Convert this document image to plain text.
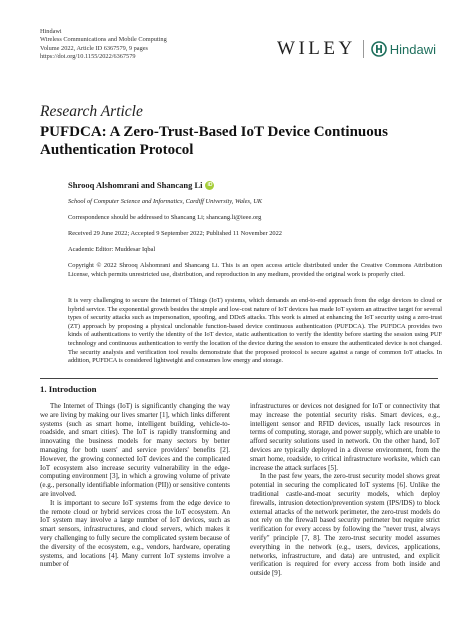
Hindawi
Wireless Communications and Mobile Computing
Volume 2022, Article ID 6367579, 9 pages
https://doi.org/10.1155/2022/6367579	WILEY	Hindawi
Research Article
PUFDCA: A Zero-Trust-Based IoT Device Continuous Authentication Protocol
Shrooq Alshomrani and Shancang Li	iD
School of Computer Science and Informatics, Cardiff University, Wales, UK
Correspondence should be addressed to Shancang Li; shancang.li@ieee.org
Received 29 June 2022; Accepted 9 September 2022; Published 11 November 2022
Academic Editor: Muddesar Iqbal
Copyright © 2022 Shrooq Alshomrani and Shancang Li. This is an open access article distributed under the Creative Commons Attribution License, which permits unrestricted use, distribution, and reproduction in any medium, provided the original work is properly cited.
It is very challenging to secure the Internet of Things (IoT) systems, which demands an end-to-end approach from the edge devices to cloud or hybrid service. The exponential growth besides the simple and low-cost nature of IoT devices has made IoT system an attractive target for several types of security attacks such as impersonation, spoofing, and DDoS attacks. This work is aimed at enhancing the IoT security using a zero-trust (ZT) approach by proposing a physical unclonable function-based device continuous authentication (PUFDCA). The PUFDCA provides two kinds of authentications to verify the identity of the IoT device, static authentication to verify the identity before starting the session using PUF technology and continuous authentication to verify the location of the device during the session to ensure the authenticated device is not changed. The security analysis and verification tool results demonstrate that the proposed protocol is secure against a range of common IoT attacks. In addition, PUFDCA is considered lightweight and consumes low energy and storage.
1. Introduction

The Internet of Things (IoT) is significantly changing the way we are living by making our lives smarter [1], which links different systems (such as smart home, intelligent building, vehicle-to-roadside, and smart cities). The IoT is rapidly transforming and innovating the business models for many sectors by better managing for both users' and service providers' benefits [2]. However, the growing connected IoT devices and the complicated IoT ecosystem also increase security vulnerability in the edge-computing environment [3], in which a growing volume of private (e.g., personally identifiable information (PII)) or sensitive contents are involved.

It is important to secure IoT systems from the edge device to the remote cloud or hybrid services cross the IoT ecosystem. An IoT system may involve a large number of IoT devices, such as smart sensors, infrastructures, and cloud servers, which makes it very challenging to fully secure the complicated system because of the diversity of the ecosystem, e.g., vendors, hardware, operating systems, and locations [4]. Many current IoT systems involve a number of

infrastructures or devices not designed for IoT or connectivity that may increase the potential security risks. Smart devices, e.g., intelligent sensor and RFID devices, usually lack resources in terms of computing, storage, and power supply, which are unable to afford security solutions used in network. On the other hand, IoT devices are typically deployed in a diverse environment, from the smart home, roadside, to critical infrastructure worksite, which can increase the attack surfaces [5].

In the past few years, the zero-trust security model shows great potential in securing the complicated IoT systems [6]. Unlike the traditional castle-and-moat security models, which deploy firewalls, intrusion detection/prevention system (IPS/IDS) to block external attacks of the network perimeter, the zero-trust models do not rely on the firewall based security perimeter but require strict verification for every access by following the "never trust, always verify" principle [7, 8]. The zero-trust security model assumes everything in the network (e.g., users, devices, applications, networks, infrastructure, and data) are untrusted, and explicit verification is required for every access from both inside and outside [9].
